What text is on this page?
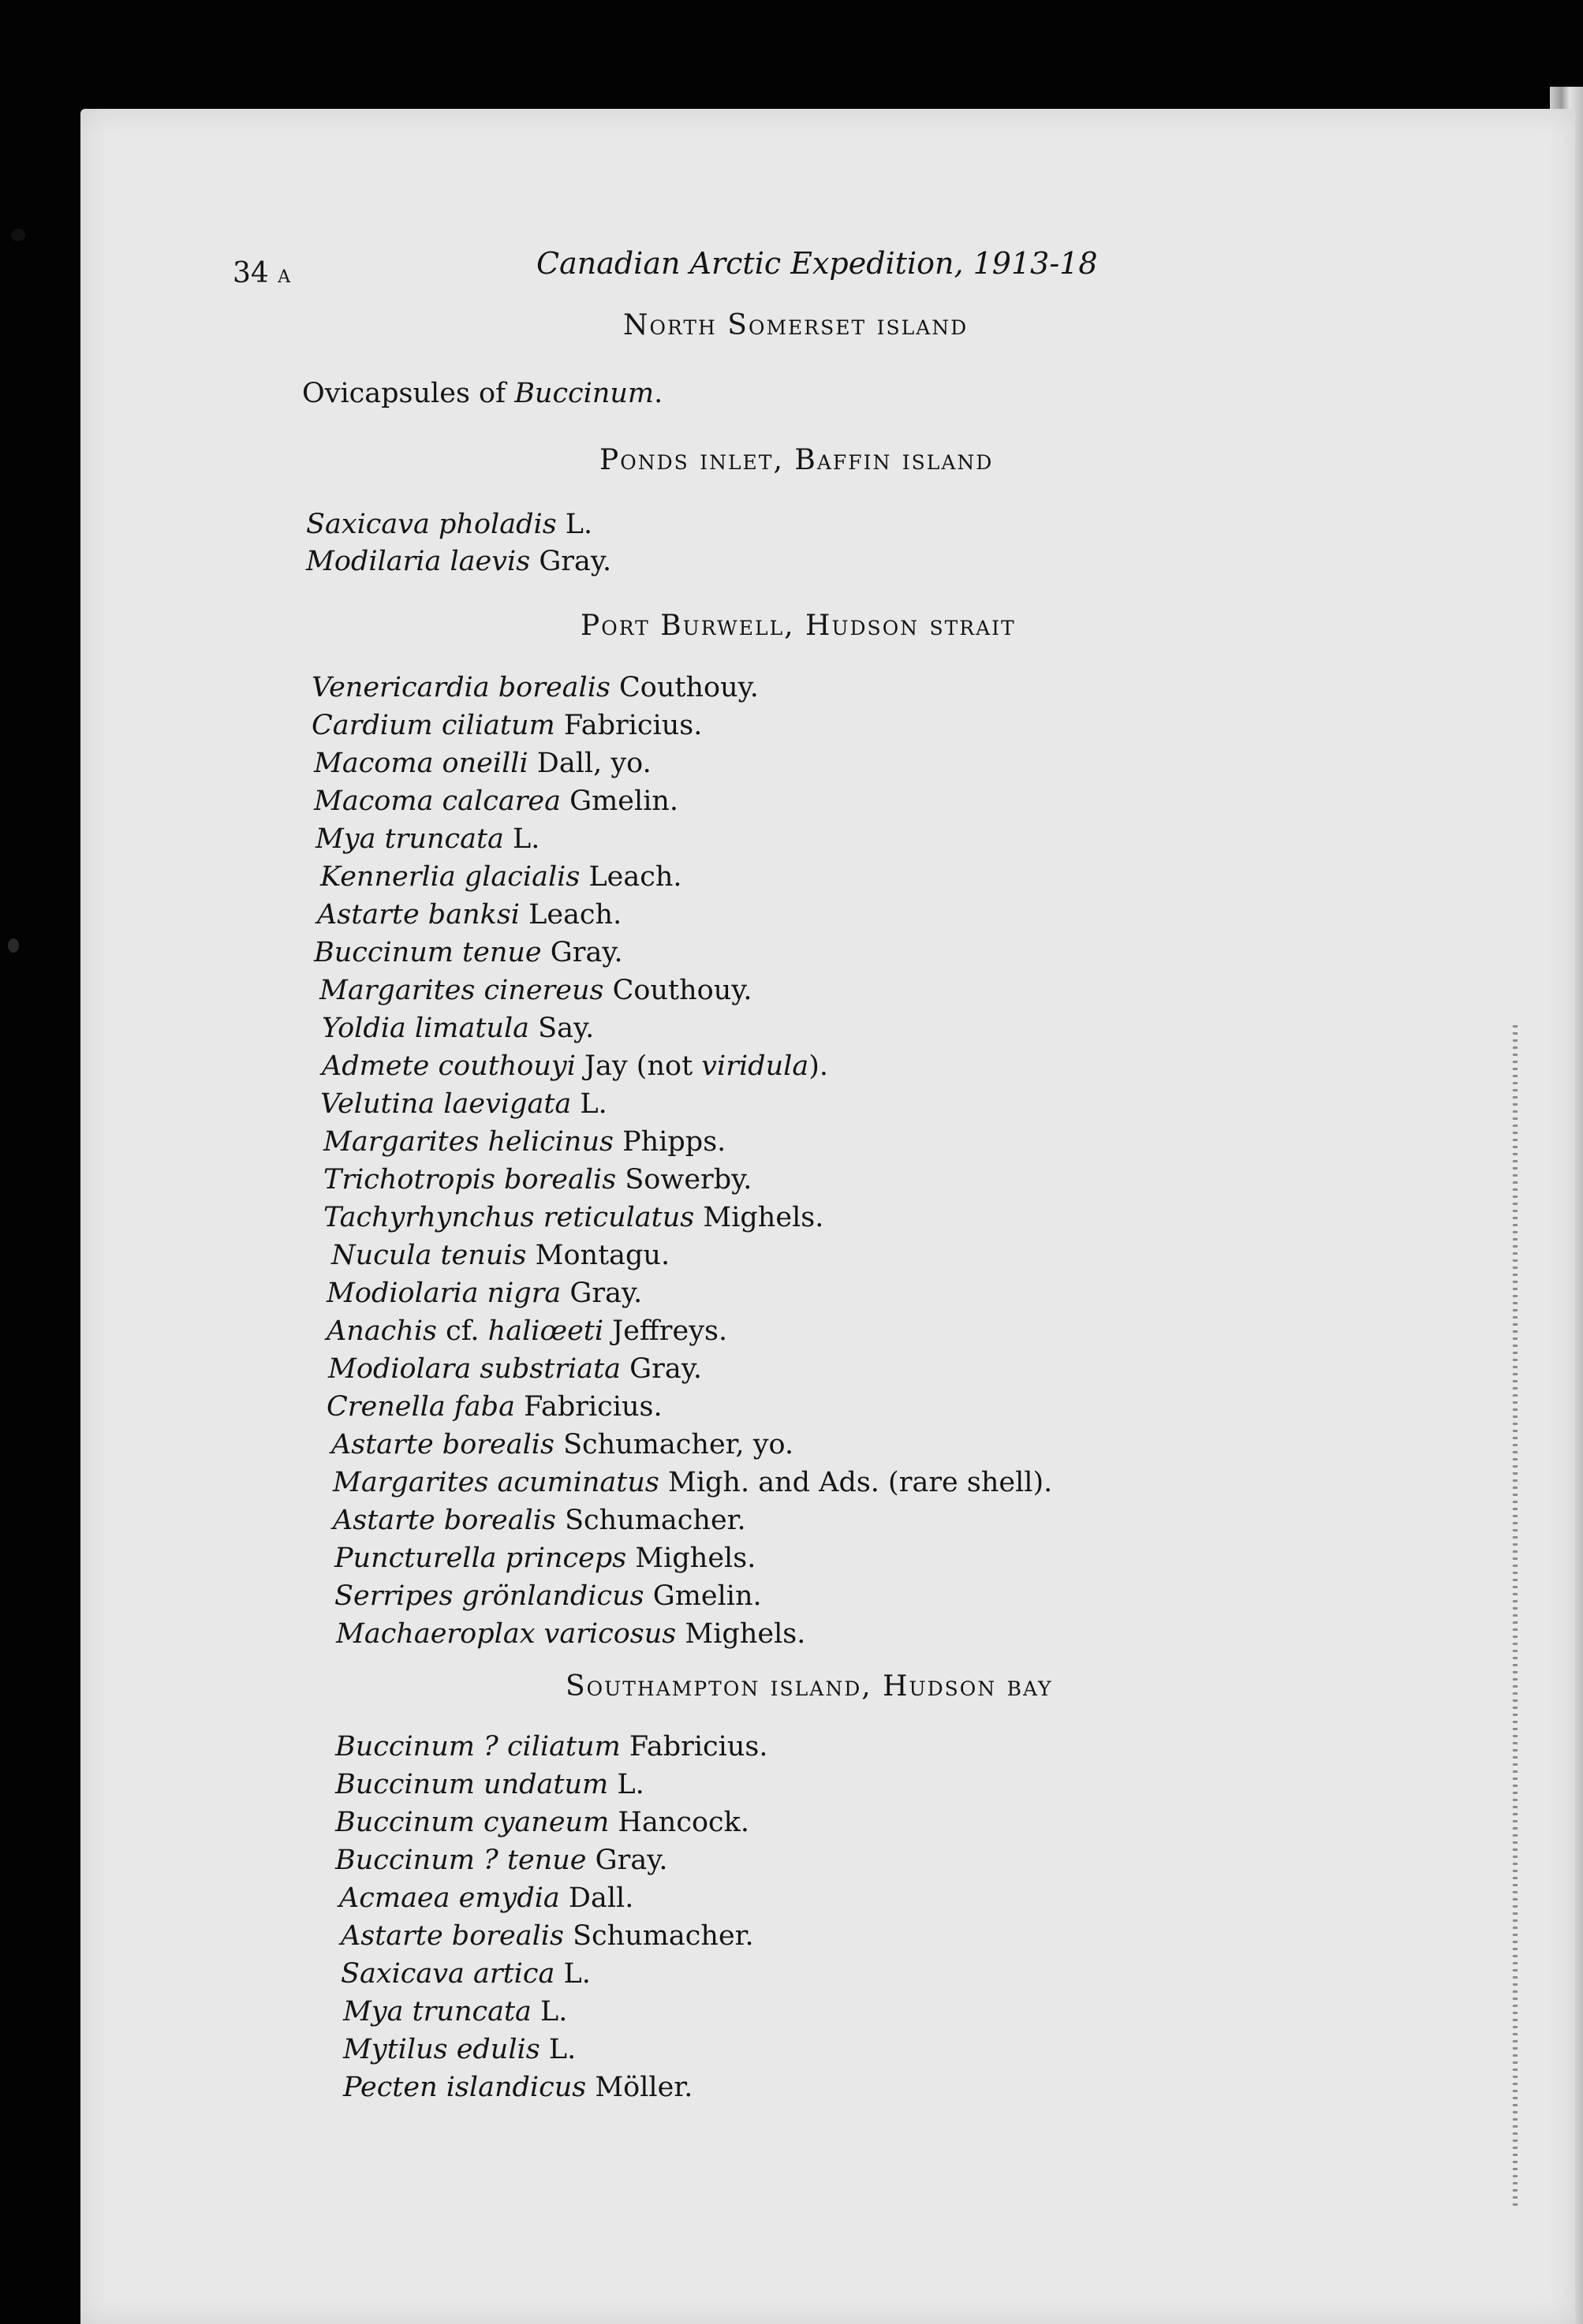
34 A	Canadian Arctic Expedition, 1913-18
North Somerset island
Ovicapsules of Buccinum.
Ponds inlet, Baffin island
Saxicava pholadis L.
Modilaria laevis Gray.
Port Burwell, Hudson strait
Venericardia borealis Couthouy.
Cardium ciliatum Fabricius.
Macoma oneilli Dall, yo.
Macoma calcarea Gmelin.
Mya truncata L.
Kennerlia glacialis Leach.
Astarte banksi Leach.
Buccinum tenue Gray.
Margarites cinereus Couthouy.
Yoldia limatula Say.
Admete couthouyi Jay (not viridula).
Velutina laevigata L.
Margarites helicinus Phipps.
Trichotropis borealis Sowerby.
Tachyrhynchus reticulatus Mighels.
Nucula tenuis Montagu.
Modiolaria nigra Gray.
Anachis cf. haliœeti Jeffreys.
Modiolara substriata Gray.
Crenella faba Fabricius.
Astarte borealis Schumacher, yo.
Margarites acuminatus Migh. and Ads. (rare shell).
Astarte borealis Schumacher.
Puncturella princeps Mighels.
Serripes grönlandicus Gmelin.
Machaeroplax varicosus Mighels.
Southampton island, Hudson bay
Buccinum ? ciliatum Fabricius.
Buccinum undatum L.
Buccinum cyaneum Hancock.
Buccinum ? tenue Gray.
Acmaea emydia Dall.
Astarte borealis Schumacher.
Saxicava artica L.
Mya truncata L.
Mytilus edulis L.
Pecten islandicus Möller.
